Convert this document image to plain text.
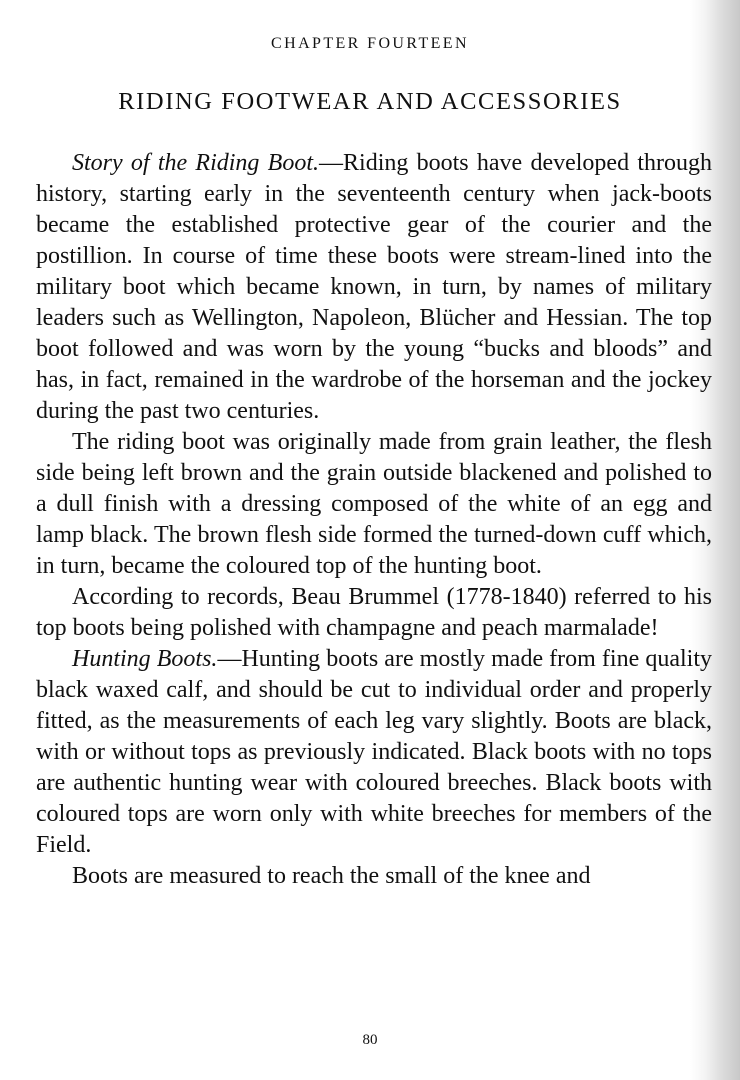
CHAPTER FOURTEEN
RIDING FOOTWEAR AND ACCESSORIES

Story of the Riding Boot.—Riding boots have developed through history, starting early in the seventeenth century when jack-boots became the established protective gear of the courier and the postillion. In course of time these boots were stream-lined into the military boot which became known, in turn, by names of military leaders such as Wellington, Napoleon, Blücher and Hessian. The top boot followed and was worn by the young “bucks and bloods” and has, in fact, remained in the wardrobe of the horseman and the jockey during the past two centuries.

The riding boot was originally made from grain leather, the flesh side being left brown and the grain outside blackened and polished to a dull finish with a dressing composed of the white of an egg and lamp black. The brown flesh side formed the turned-down cuff which, in turn, became the coloured top of the hunting boot.

According to records, Beau Brummel (1778-1840) referred to his top boots being polished with champagne and peach marmalade!

Hunting Boots.—Hunting boots are mostly made from fine quality black waxed calf, and should be cut to individual order and properly fitted, as the measurements of each leg vary slightly. Boots are black, with or without tops as previously indicated. Black boots with no tops are authentic hunting wear with coloured breeches. Black boots with coloured tops are worn only with white breeches for members of the Field.

Boots are measured to reach the small of the knee and

80
